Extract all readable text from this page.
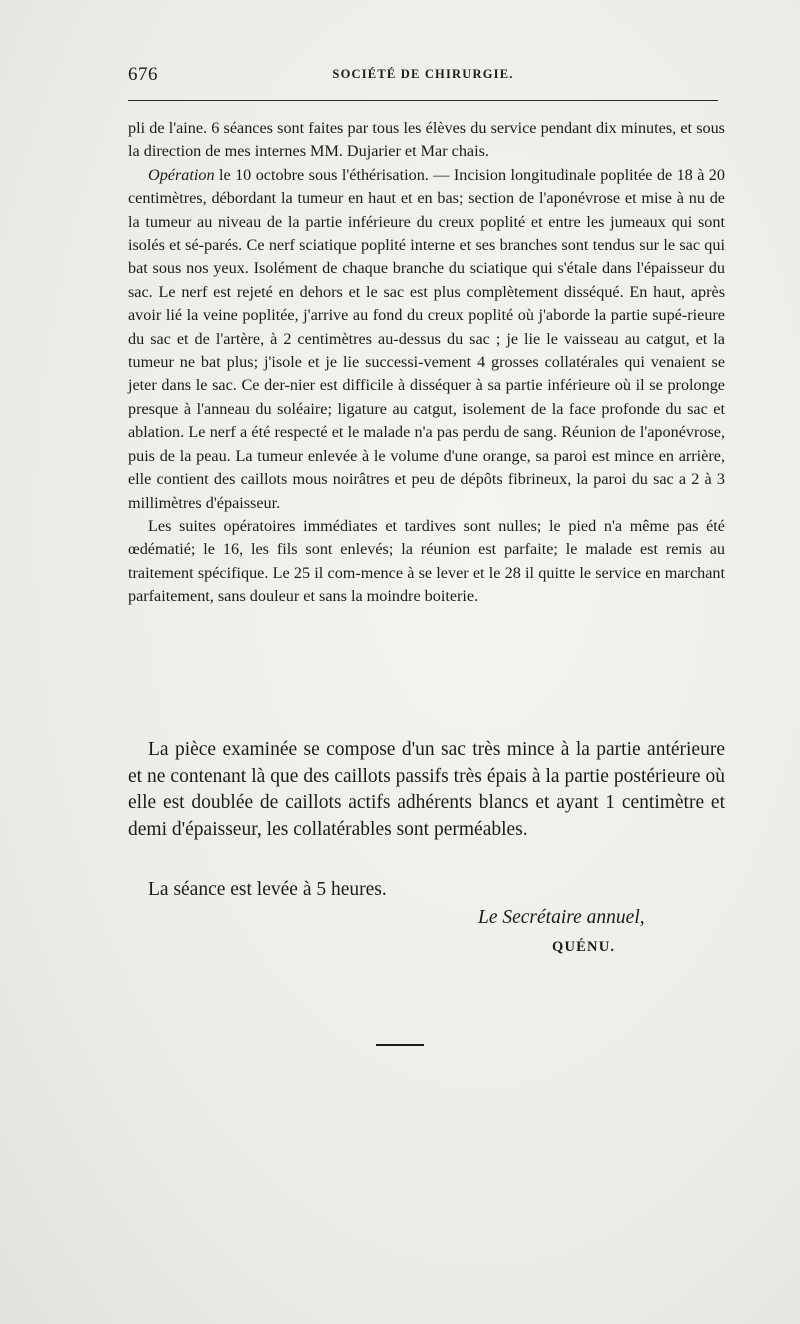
676	SOCIÉTÉ DE CHIRURGIE.

pli de l'aine. 6 séances sont faites par tous les élèves du service pendant dix minutes, et sous la direction de mes internes MM. Dujarier et Mar chais.

Opération le 10 octobre sous l'éthérisation. — Incision longitudinale poplitée de 18 à 20 centimètres, débordant la tumeur en haut et en bas; section de l'aponévrose et mise à nu de la tumeur au niveau de la partie inférieure du creux poplité et entre les jumeaux qui sont isolés et sé-parés. Ce nerf sciatique poplité interne et ses branches sont tendus sur le sac qui bat sous nos yeux. Isolément de chaque branche du sciatique qui s'étale dans l'épaisseur du sac. Le nerf est rejeté en dehors et le sac est plus complètement disséqué. En haut, après avoir lié la veine poplitée, j'arrive au fond du creux poplité où j'aborde la partie supé-rieure du sac et de l'artère, à 2 centimètres au-dessus du sac ; je lie le vaisseau au catgut, et la tumeur ne bat plus; j'isole et je lie successi-vement 4 grosses collatérales qui venaient se jeter dans le sac. Ce der-nier est difficile à disséquer à sa partie inférieure où il se prolonge presque à l'anneau du soléaire; ligature au catgut, isolement de la face profonde du sac et ablation. Le nerf a été respecté et le malade n'a pas perdu de sang. Réunion de l'aponévrose, puis de la peau. La tumeur enlevée à le volume d'une orange, sa paroi est mince en arrière, elle contient des caillots mous noirâtres et peu de dépôts fibrineux, la paroi du sac a 2 à 3 millimètres d'épaisseur.

Les suites opératoires immédiates et tardives sont nulles; le pied n'a même pas été œdématié; le 16, les fils sont enlevés; la réunion est parfaite; le malade est remis au traitement spécifique. Le 25 il com-mence à se lever et le 28 il quitte le service en marchant parfaitement, sans douleur et sans la moindre boiterie.

La pièce examinée se compose d'un sac très mince à la partie antérieure et ne contenant là que des caillots passifs très épais à la partie postérieure où elle est doublée de caillots actifs adhérents blancs et ayant 1 centimètre et demi d'épaisseur, les collatérables sont perméables.

La séance est levée à 5 heures.
Le Secrétaire annuel,
QUÉNU.
